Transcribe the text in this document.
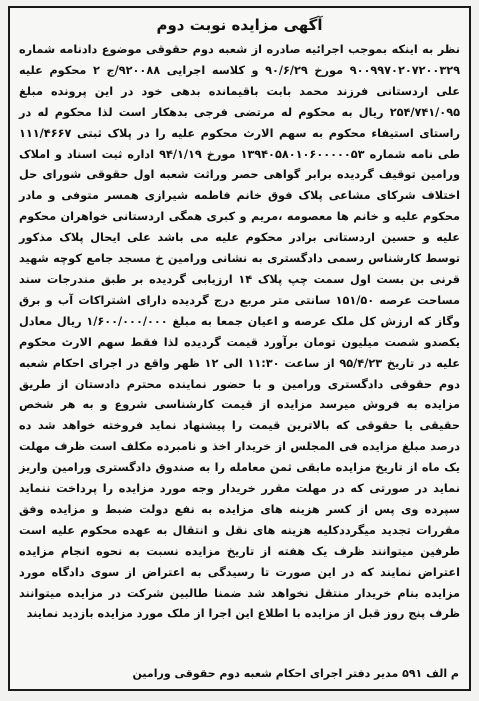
آگهی مزایده نوبت دوم

نظر به اینکه بموجب اجرائیه صادره از شعبه دوم حقوقی موضوع دادنامه شماره ۹۰۰۹۹۷۰۲۰۷۲۰۰۳۲۹ مورخ ۹۰/۶/۲۹ و کلاسه اجرایی ۹۲۰۰۸۸/ج ۲ محکوم علیه علی اردستانی فرزند محمد بابت باقیمانده بدهی خود در این پرونده مبلغ ۲۵۴/۷۴۱/۰۹۵ ریال به محکوم له مرتضی فرجی بدهکار است لذا محکوم له در راستای استیفاء محکوم به سهم الارث محکوم علیه را در پلاک ثبتی ۱۱۱/۴۶۶۷ طی نامه شماره ۱۳۹۴۰۵۸۰۱۰۶۰۰۰۰۰۵۳ مورخ ۹۴/۱/۱۹ اداره ثبت اسناد و املاک ورامین توقیف گردیده برابر گواهی حصر وراثت شعبه اول حقوقی شورای حل اختلاف شرکای مشاعی پلاک فوق خانم فاطمه شیرازی همسر متوفی و مادر محکوم علیه و خانم ها معصومه ،مریم و کبری همگی اردستانی خواهران محکوم علیه و حسین اردستانی برادر محکوم علیه می باشد علی ایحال پلاک مذکور توسط کارشناس رسمی دادگستری به نشانی ورامین خ مسجد جامع کوچه شهید قرنی بن بست اول سمت چپ پلاک ۱۴ ارزیابی گردیده بر طبق مندرجات سند مساحت عرصه ۱۵۱/۵۰ سانتی متر مربع درج گردیده دارای اشتراکات آب و برق وگاز که ارزش کل ملک عرصه و اعیان جمعا به مبلغ ۱/۶۰۰/۰۰۰/۰۰۰ ریال معادل یکصدو شصت میلیون تومان برآورد قیمت گردیده لذا فقط سهم الارث محکوم علیه در تاریخ ۹۵/۴/۲۳ از ساعت ۱۱:۳۰ الی ۱۲ ظهر واقع در اجرای احکام شعبه دوم حقوقی دادگستری ورامین و با حضور نماینده محترم دادستان از طریق مزایده به فروش میرسد مزایده از قیمت کارشناسی شروع و به هر شخص حقیقی یا حقوقی که بالاترین قیمت را پیشنهاد نماید فروخته خواهد شد ده درصد مبلغ مزایده فی المجلس از خریدار اخذ و نامبرده مکلف است ظرف مهلت یک ماه از تاریخ مزایده مابقی ثمن معامله را به صندوق دادگستری ورامین واریز نماید در صورتی که در مهلت مقرر خریدار وجه مورد مزایده را پرداخت ننماید سپرده وی پس از کسر هزینه های مزایده به نفع دولت ضبط و مزایده وفق مقررات تجدید میگرددکلیه هزینه های نقل و انتقال به عهده محکوم علیه است طرفین میتوانند ظرف یک هفته از تاریخ مزایده نسبت به نحوه انجام مزایده اعتراض نمایند که در این صورت تا رسیدگی به اعتراض از سوی دادگاه مورد مزایده بنام خریدار منتقل نخواهد شد ضمنا طالبین شرکت در مزایده میتوانند ظرف پنج روز قبل از مزایده با اطلاع این اجرا از ملک مورد مزایده بازدید نمایند

م الف ۵۹۱ مدیر دفتر اجرای احکام شعبه دوم حقوقی ورامین
